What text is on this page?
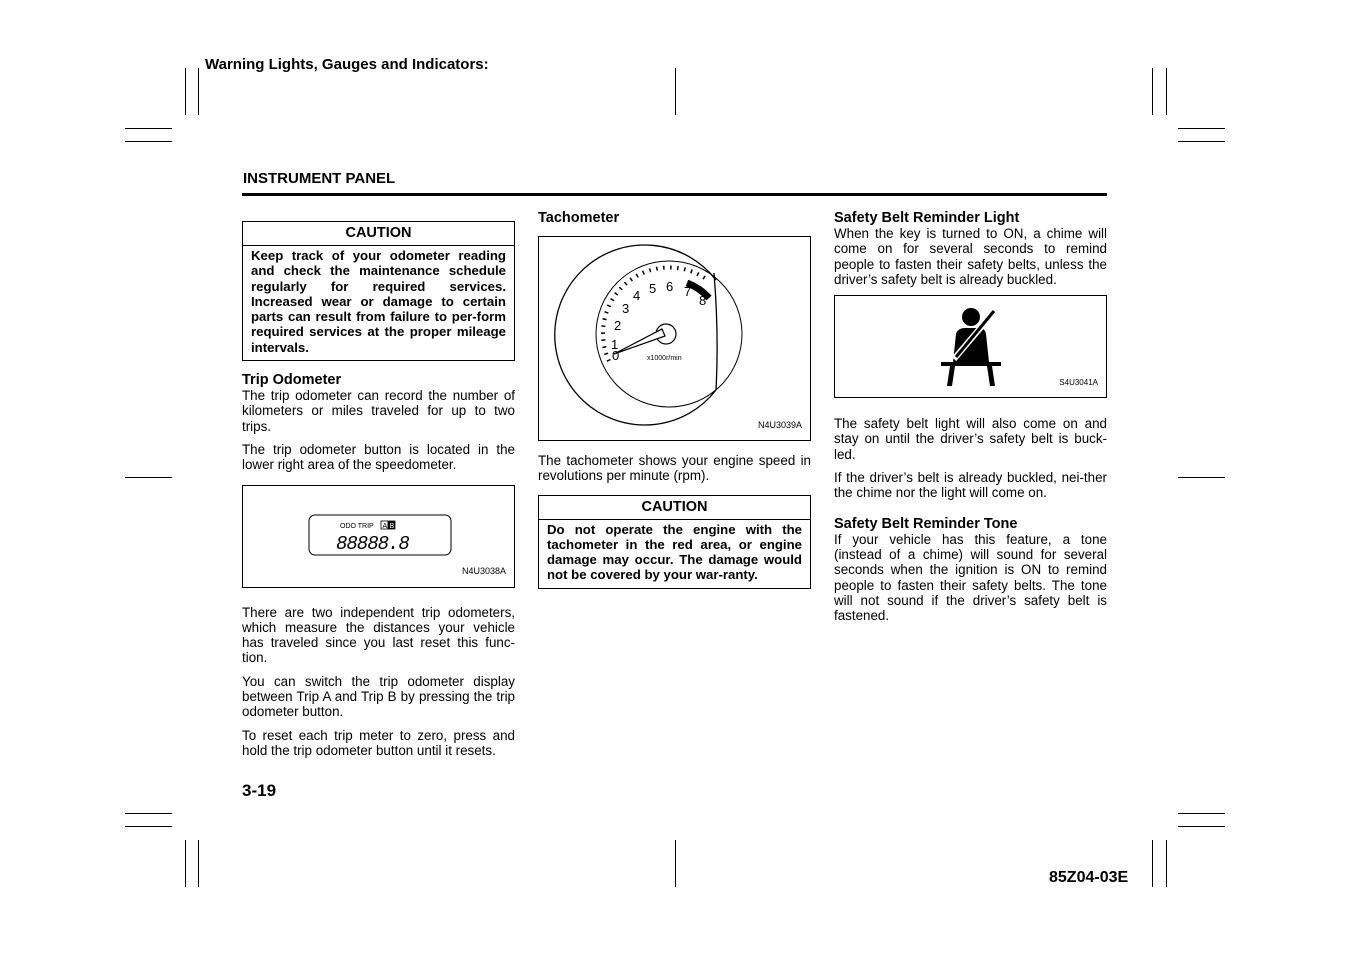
Warning Lights, Gauges and Indicators:
INSTRUMENT PANEL
CAUTION
Keep track of your odometer reading and check the maintenance schedule regularly for required services. Increased wear or damage to certain parts can result from failure to per-form required services at the proper mileage intervals.
Trip Odometer

The trip odometer can record the number of kilometers or miles traveled for up to two trips.

The trip odometer button is located in the lower right area of the speedometer.

ODO TRIP A B
88888.8
N4U3038A

There are two independent trip odometers, which measure the distances your vehicle has traveled since you last reset this func-tion.

You can switch the trip odometer display between Trip A and Trip B by pressing the trip odometer button.

To reset each trip meter to zero, press and hold the trip odometer button until it resets.

Tachometer
0
1
2
3
4 5 6 7
8
x1000r/min
N4U3039A

The tachometer shows your engine speed in revolutions per minute (rpm).

CAUTION
Do not operate the engine with the tachometer in the red area, or engine damage may occur. The damage would not be covered by your war-ranty.
Safety Belt Reminder Light

When the key is turned to ON, a chime will come on for several seconds to remind people to fasten their safety belts, unless the driver’s safety belt is already buckled.

S4U3041A

The safety belt light will also come on and stay on until the driver’s safety belt is buck-led.

If the driver’s belt is already buckled, nei-ther the chime nor the light will come on.

Safety Belt Reminder Tone

If your vehicle has this feature, a tone (instead of a chime) will sound for several seconds when the ignition is ON to remind people to fasten their safety belts. The tone will not sound if the driver’s safety belt is fastened.

3-19
85Z04-03E
